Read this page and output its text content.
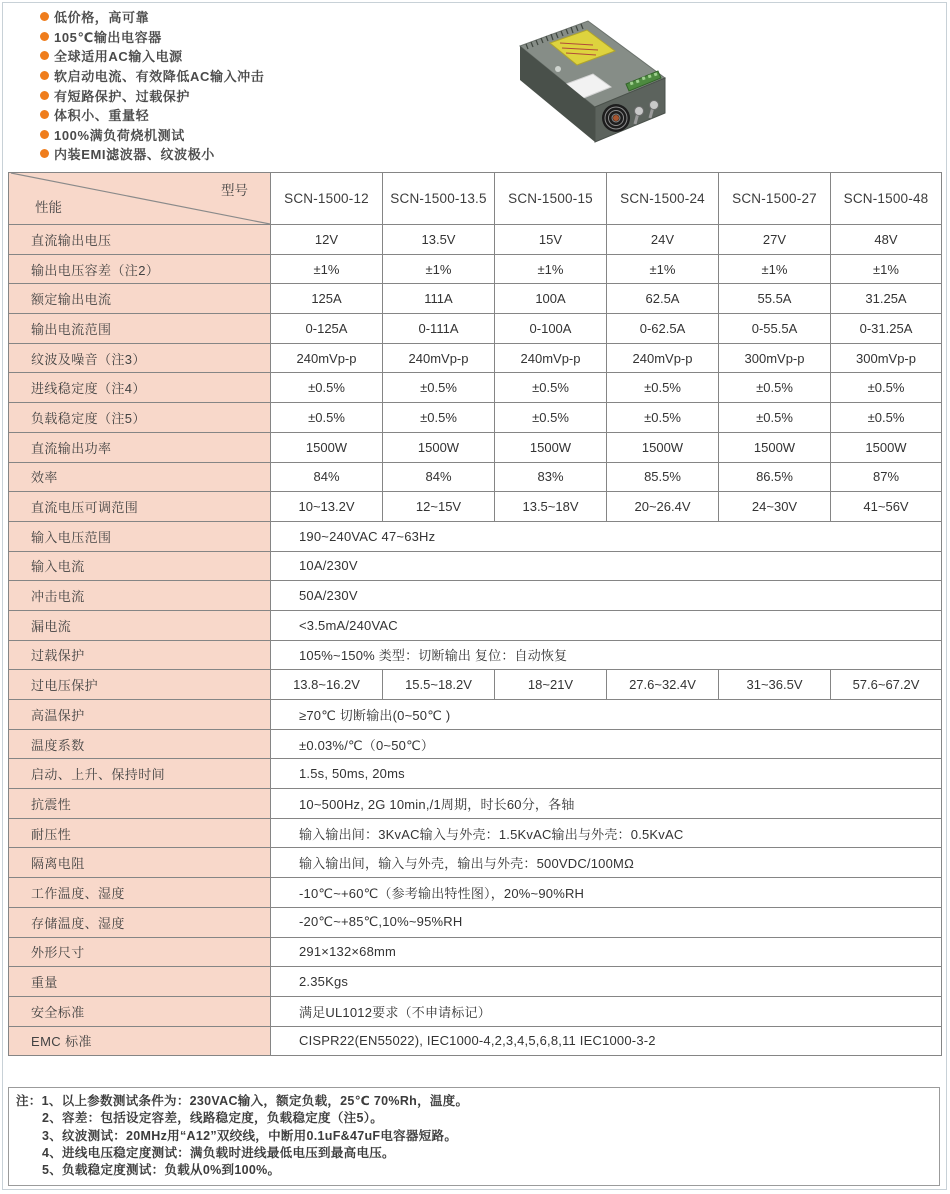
低价格，高可靠
105℃输出电容器
全球适用AC输入电源
软启动电流、有效降低AC输入冲击
有短路保护、过载保护
体积小、重量轻
100%满负荷烧机测试
内装EMI滤波器、纹波极小
型号
性能	SCN-1500-12	SCN-1500-13.5	SCN-1500-15	SCN-1500-24	SCN-1500-27	SCN-1500-48
直流输出电压	12V	13.5V	15V	24V	27V	48V
输出电压容差（注2）	±1%	±1%	±1%	±1%	±1%	±1%
额定输出电流	125A	111A	100A	62.5A	55.5A	31.25A
输出电流范围	0-125A	0-111A	0-100A	0-62.5A	0-55.5A	0-31.25A
纹波及噪音（注3）	240mVp-p	240mVp-p	240mVp-p	240mVp-p	300mVp-p	300mVp-p
进线稳定度（注4）	±0.5%	±0.5%	±0.5%	±0.5%	±0.5%	±0.5%
负载稳定度（注5）	±0.5%	±0.5%	±0.5%	±0.5%	±0.5%	±0.5%
直流输出功率	1500W	1500W	1500W	1500W	1500W	1500W
效率	84%	84%	83%	85.5%	86.5%	87%
直流电压可调范围	10~13.2V	12~15V	13.5~18V	20~26.4V	24~30V	41~56V
输入电压范围	190~240VAC 47~63Hz					
输入电流	10A/230V					
冲击电流	50A/230V					
漏电流	<3.5mA/240VAC					
过载保护	105%~150% 类型：切断输出 复位：自动恢复					
过电压保护	13.8~16.2V	15.5~18.2V	18~21V	27.6~32.4V	31~36.5V	57.6~67.2V
高温保护	≥70℃ 切断输出(0~50℃ )					
温度系数	±0.03%/℃（0~50℃）					
启动、上升、保持时间	1.5s, 50ms, 20ms					
抗震性	10~500Hz, 2G 10min,/1周期，时长60分，各轴					
耐压性	输入输出间：3KvAC输入与外壳：1.5KvAC输出与外壳：0.5KvAC					
隔离电阻	输入输出间，输入与外壳，输出与外壳：500VDC/100MΩ					
工作温度、湿度	-10℃~+60℃（参考输出特性图），20%~90%RH					
存储温度、湿度	-20℃~+85℃,10%~95%RH					
外形尺寸	291×132×68mm					
重量	2.35Kgs					
安全标准	满足UL1012要求（不申请标记）					
EMC 标准	CISPR22(EN55022), IEC1000-4,2,3,4,5,6,8,11 IEC1000-3-2					
注：1、以上参数测试条件为：230VAC输入，额定负载，25℃ 70%Rh，温度。
2、容差：包括设定容差，线路稳定度，负载稳定度（注5）。
3、纹波测试：20MHz用“A12”双绞线，中断用0.1uF&47uF电容器短路。
4、进线电压稳定度测试：满负载时进线最低电压到最高电压。
5、负载稳定度测试：负载从0%到100%。
